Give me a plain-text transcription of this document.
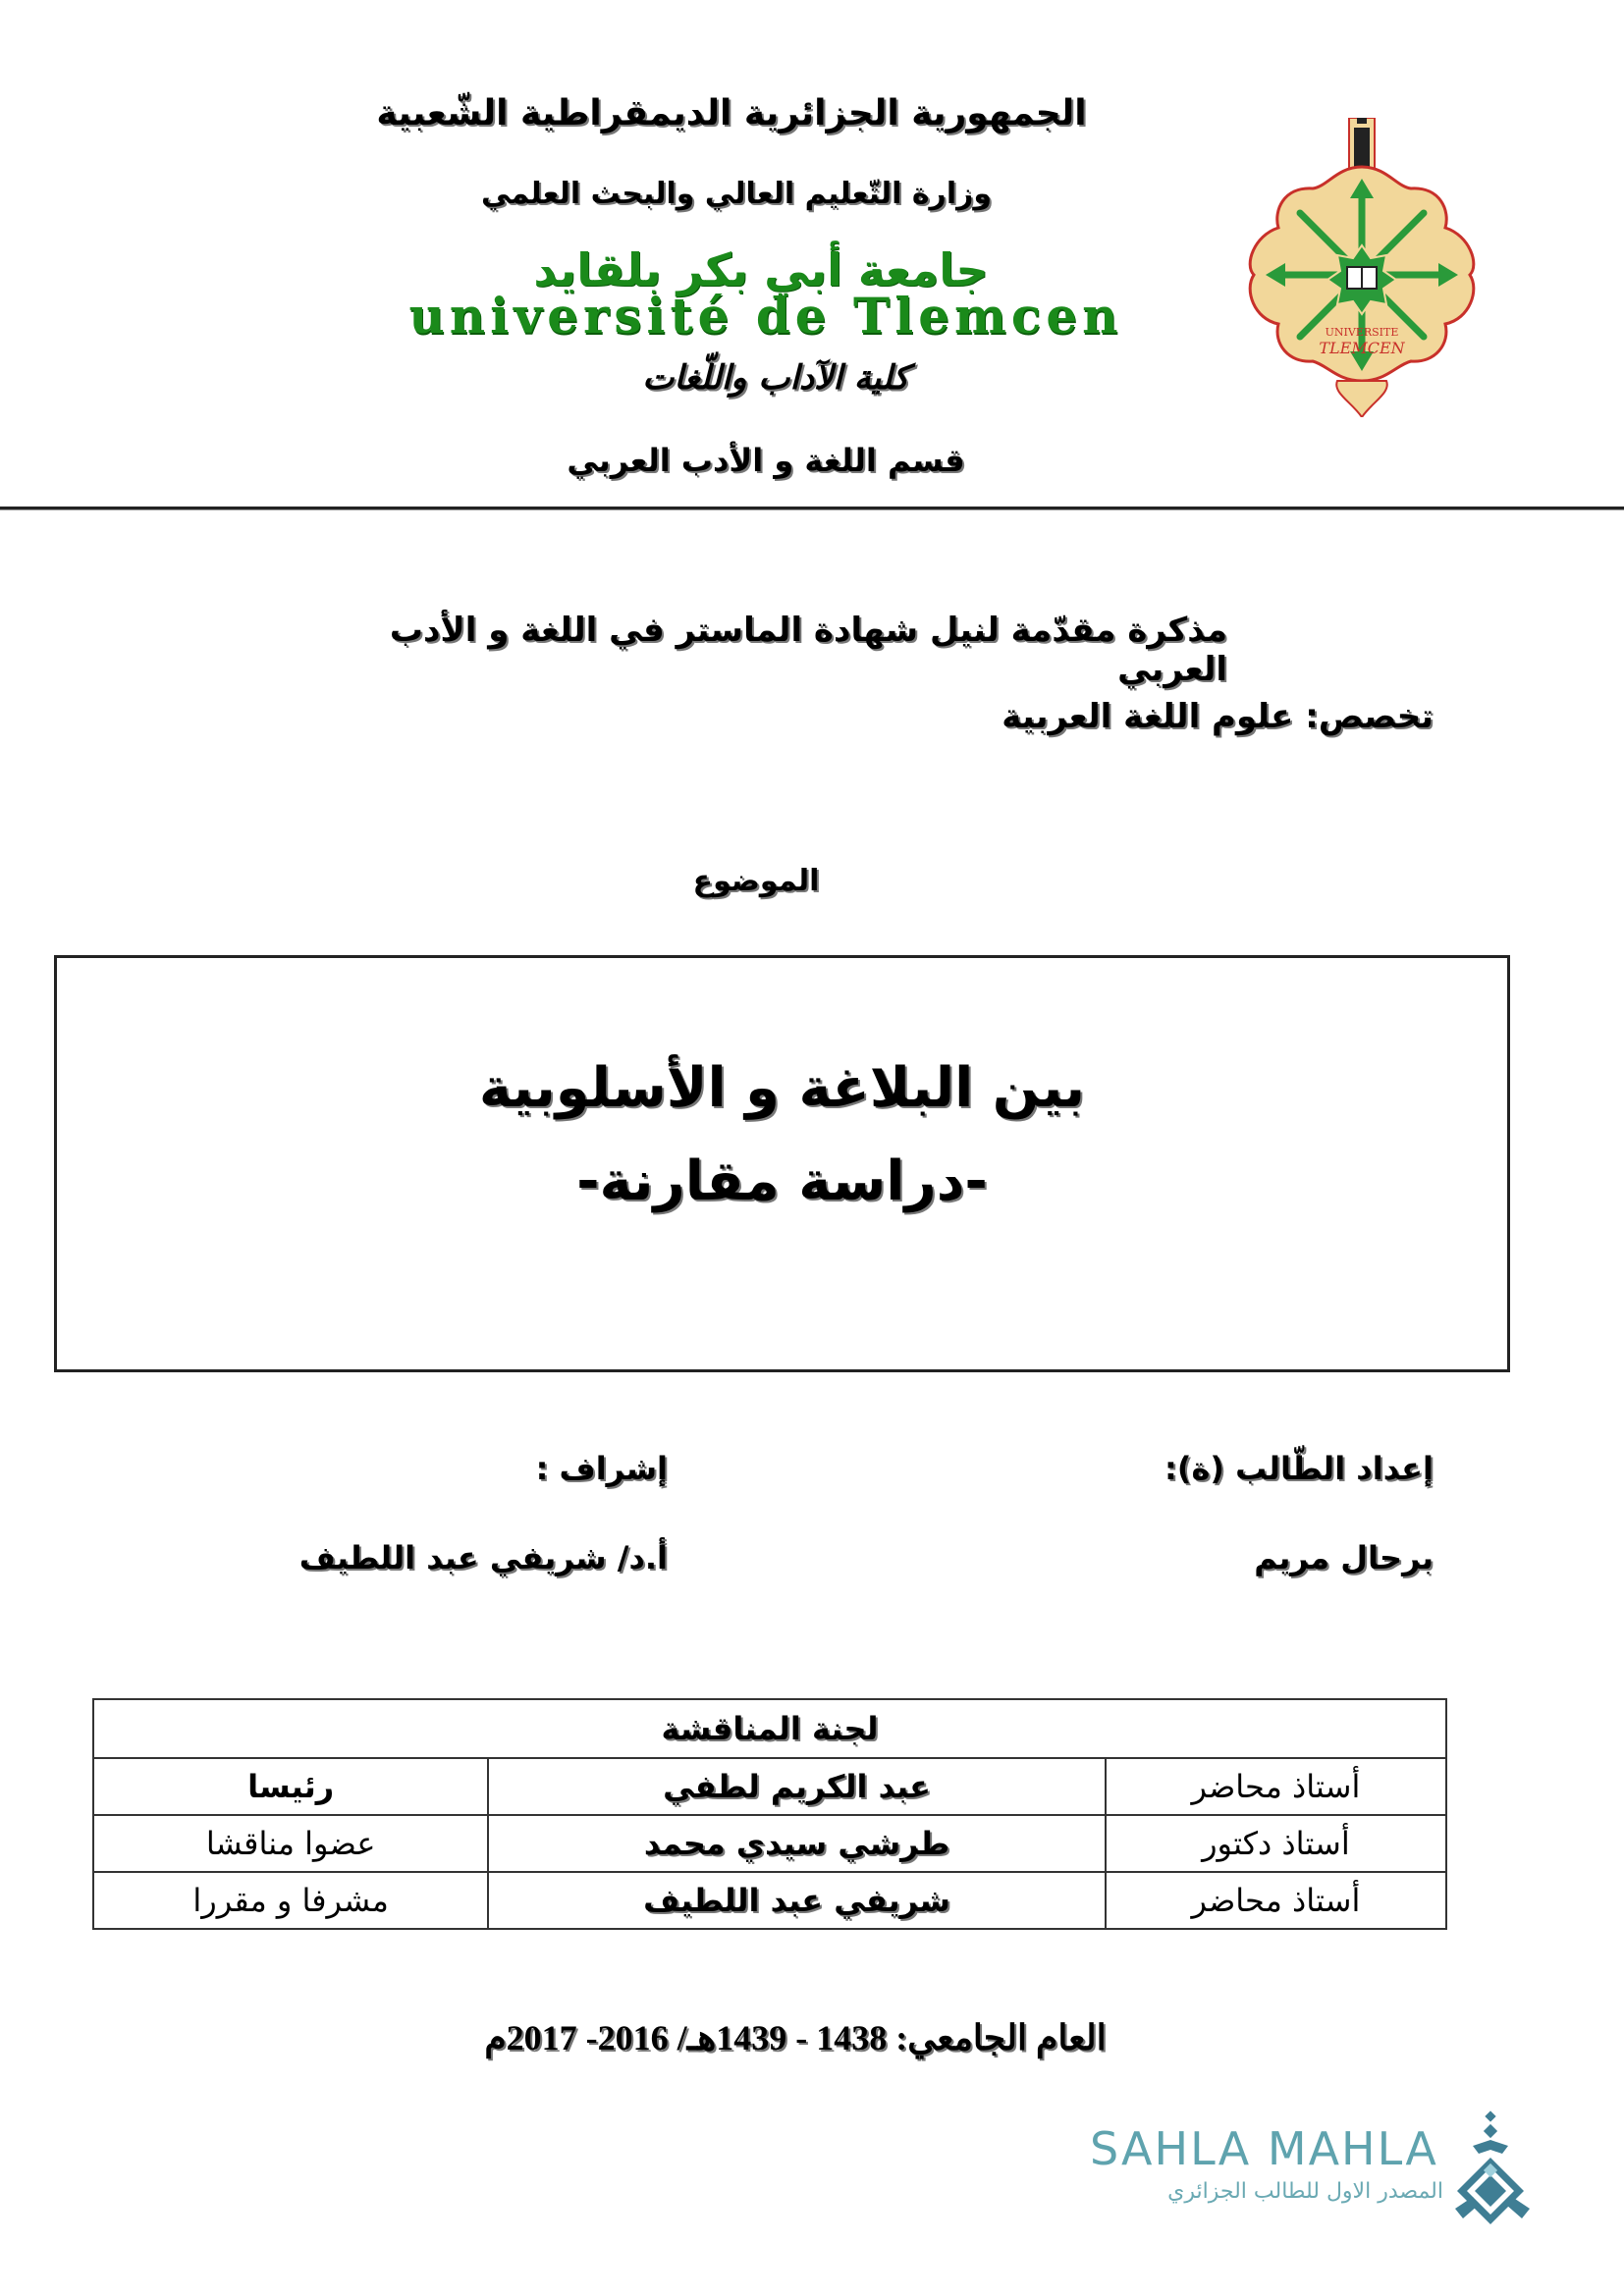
الجمهورية الجزائرية الديمقراطية الشّعبية
وزارة التّعليم العالي والبحث العلمي
جامعة أبي بكر بلقايد
université de Tlemcen
كلية الآداب واللّغات
قسم اللغة و الأدب العربي
UNIVERSITE
TLEMCEN
مذكرة مقدّمة لنيل شهادة الماستر في اللغة و الأدب العربي
تخصص: علوم اللغة العربية
الموضوع
بين البلاغة و الأسلوبية
-دراسة مقارنة-
إعداد الطّالب (ة):
إشراف :
برحال مريم
أ.د/ شريفي عبد اللطيف
لجنة المناقشة		
أستاذ محاضر	عبد الكريم لطفي	رئيسا
أستاذ دكتور	طرشي سيدي محمد	عضوا مناقشا
أستاذ محاضر	شريفي عبد اللطيف	مشرفا و مقررا
العام الجامعي: 1438 - 1439هـ/ 2016- 2017م
SAHLA MAHLA
المصدر الاول للطالب الجزائري
